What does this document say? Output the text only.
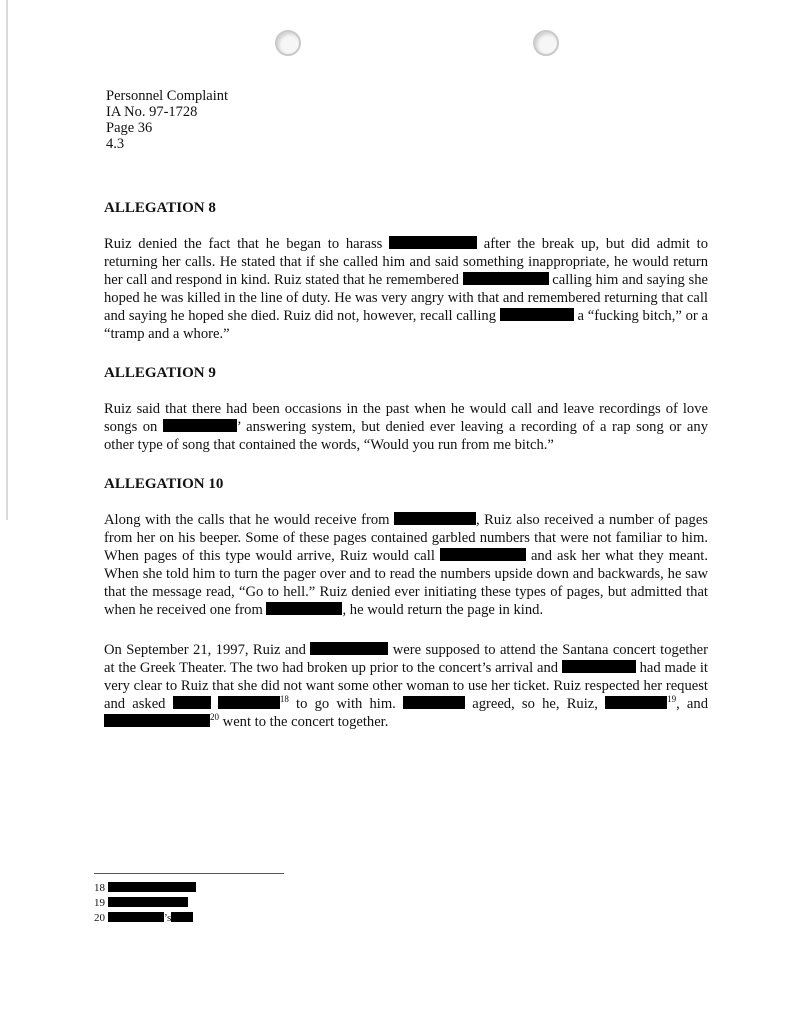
Personnel Complaint
IA No. 97-1728
Page 36
4.3
ALLEGATION 8
Ruiz denied the fact that he began to harass	after the break up, but did admit to returning her calls. He stated that if she called him and said something inappropriate, he would return her call and respond in kind. Ruiz stated that he remembered	calling him and saying she hoped he was killed in the line of duty. He was very angry with that and remembered returning that call and saying he hoped she died. Ruiz did not, however, recall calling	a “fucking bitch,” or a “tramp and a whore.”
ALLEGATION 9
Ruiz said that there had been occasions in the past when he would call and leave recordings of love songs on	’ answering system, but denied ever leaving a recording of a rap song or any other type of song that contained the words, “Would you run from me bitch.”
ALLEGATION 10
Along with the calls that he would receive from	, Ruiz also received a number of pages from her on his beeper. Some of these pages contained garbled numbers that were not familiar to him. When pages of this type would arrive, Ruiz would call	and ask her what they meant. When she told him to turn the pager over and to read the numbers upside down and backwards, he saw that the message read, “Go to hell.” Ruiz denied ever initiating these types of pages, but admitted that when he received one from	, he would return the page in kind.
On September 21, 1997, Ruiz and	were supposed to attend the Santana concert together at the Greek Theater. The two had broken up prior to the concert’s arrival and	had made it very clear to Ruiz that she did not want some other woman to use her ticket. Ruiz respected her request and asked	$^{18}$ to go with him.	agreed, so he, Ruiz,	$^{19}$, and $^{20}$ went to the concert together.
18
19
20	’s
